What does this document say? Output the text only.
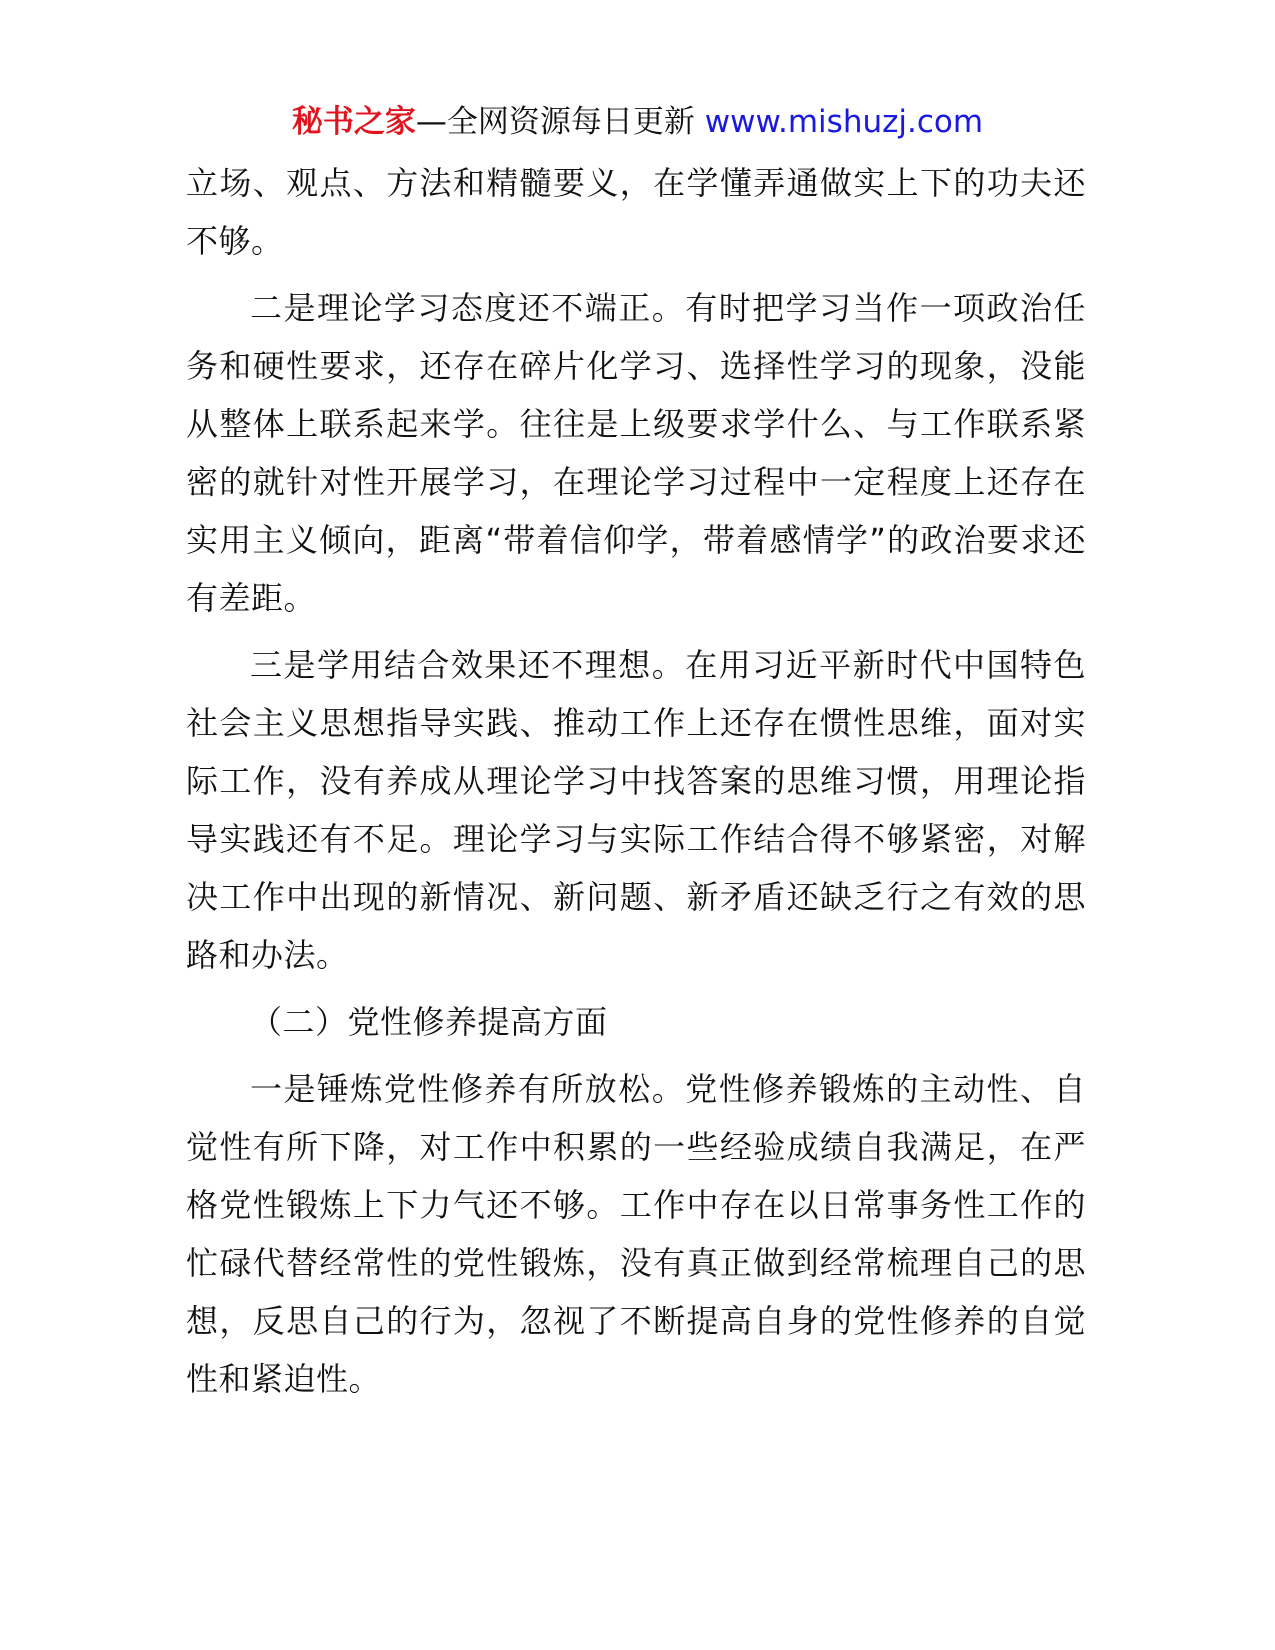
秘书之家—全网资源每日更新 www.mishuzj.com

立场、观点、方法和精髓要义，在学懂弄通做实上下的功夫还不够。

二是理论学习态度还不端正。有时把学习当作一项政治任务和硬性要求，还存在碎片化学习、选择性学习的现象，没能从整体上联系起来学。往往是上级要求学什么、与工作联系紧密的就针对性开展学习，在理论学习过程中一定程度上还存在实用主义倾向，距离“带着信仰学，带着感情学”的政治要求还有差距。

三是学用结合效果还不理想。在用习近平新时代中国特色社会主义思想指导实践、推动工作上还存在惯性思维，面对实际工作，没有养成从理论学习中找答案的思维习惯，用理论指导实践还有不足。理论学习与实际工作结合得不够紧密，对解决工作中出现的新情况、新问题、新矛盾还缺乏行之有效的思路和办法。

（二）党性修养提高方面

一是锤炼党性修养有所放松。党性修养锻炼的主动性、自觉性有所下降，对工作中积累的一些经验成绩自我满足，在严格党性锻炼上下力气还不够。工作中存在以日常事务性工作的忙碌代替经常性的党性锻炼，没有真正做到经常梳理自己的思想，反思自己的行为，忽视了不断提高自身的党性修养的自觉性和紧迫性。
